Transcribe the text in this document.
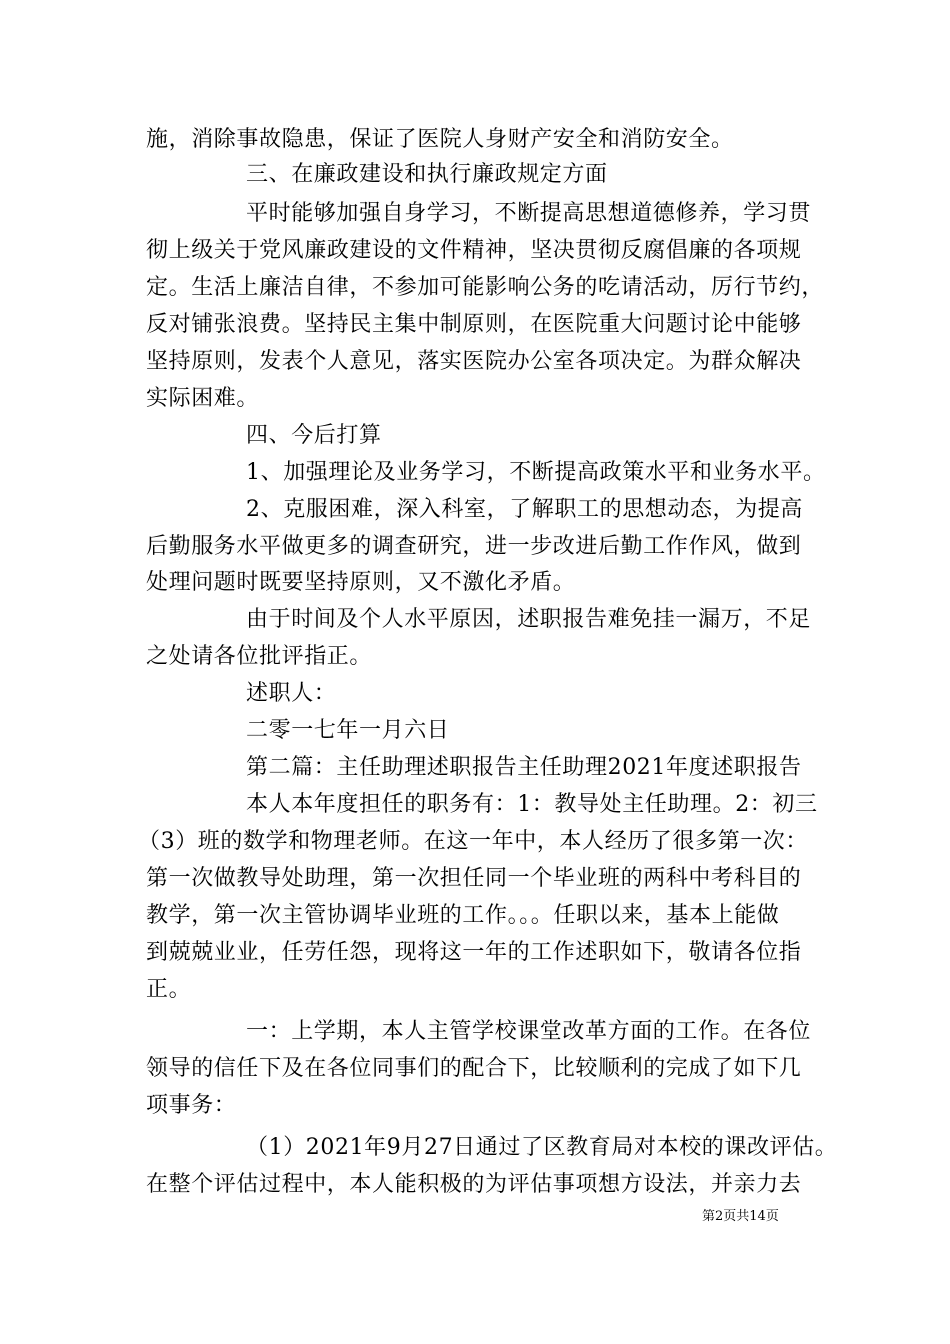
施，消除事故隐患，保证了医院人身财产安全和消防安全。
三、在廉政建设和执行廉政规定方面
平时能够加强自身学习，不断提高思想道德修养，学习贯
彻上级关于党风廉政建设的文件精神，坚决贯彻反腐倡廉的各项规
定。生活上廉洁自律，不参加可能影响公务的吃请活动，厉行节约，
反对铺张浪费。坚持民主集中制原则，在医院重大问题讨论中能够
坚持原则，发表个人意见，落实医院办公室各项决定。为群众解决
实际困难。
四、今后打算
1、加强理论及业务学习，不断提高政策水平和业务水平。
2、克服困难，深入科室，了解职工的思想动态，为提高
后勤服务水平做更多的调查研究，进一步改进后勤工作作风，做到
处理问题时既要坚持原则，又不激化矛盾。
由于时间及个人水平原因，述职报告难免挂一漏万，不足
之处请各位批评指正。
述职人：
二零一七年一月六日
第二篇：主任助理述职报告主任助理2021年度述职报告
本人本年度担任的职务有：1：教导处主任助理。2：初三
（3）班的数学和物理老师。在这一年中，本人经历了很多第一次：
第一次做教导处助理，第一次担任同一个毕业班的两科中考科目的
教学，第一次主管协调毕业班的工作。。。任职以来，基本上能做
到兢兢业业，任劳任怨，现将这一年的工作述职如下，敬请各位指
正。
一：上学期，本人主管学校课堂改革方面的工作。在各位
领导的信任下及在各位同事们的配合下，比较顺利的完成了如下几
项事务：
（1）2021年9月27日通过了区教育局对本校的课改评估。
在整个评估过程中，本人能积极的为评估事项想方设法，并亲力去
第2页共14页
